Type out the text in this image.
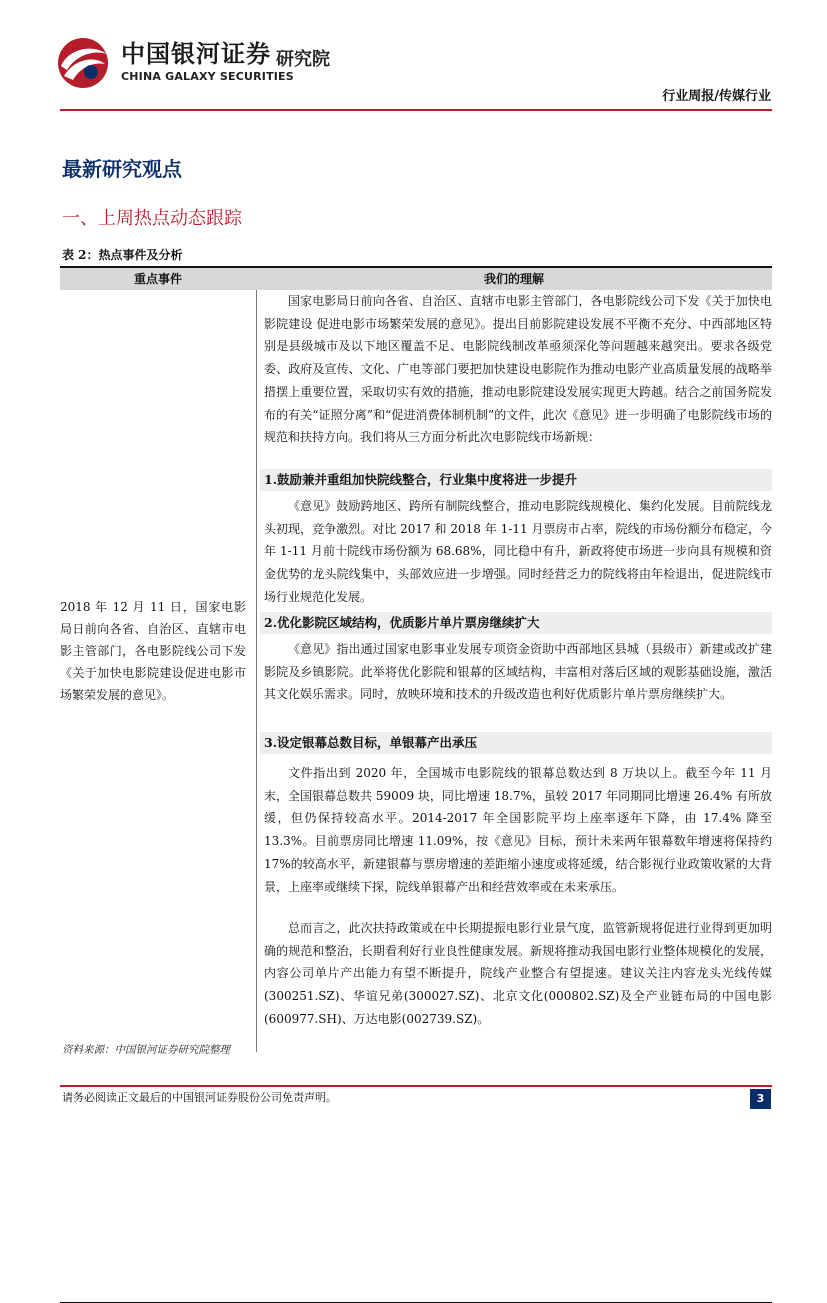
中国银河证券
CHINA GALAXY SECURITIES
研究院
行业周报/传媒行业
最新研究观点
一、上周热点动态跟踪
表 2：热点事件及分析
重点事件	我们的理解
2018 年 12 月 11 日，国家电影局日前向各省、自治区、直辖市电影主管部门，各电影院线公司下发《关于加快电影院建设促进电影市场繁荣发展的意见》。
国家电影局日前向各省、自治区、直辖市电影主管部门，各电影院线公司下发《关于加快电影院建设 促进电影市场繁荣发展的意见》。提出目前影院建设发展不平衡不充分、中西部地区特别是县级城市及以下地区覆盖不足、电影院线制改革亟须深化等问题越来越突出。要求各级党委、政府及宣传、文化、广电等部门要把加快建设电影院作为推动电影产业高质量发展的战略举措摆上重要位置，采取切实有效的措施，推动电影院建设发展实现更大跨越。结合之前国务院发布的有关“证照分离”和“促进消费体制机制”的文件，此次《意见》进一步明确了电影院线市场的规范和扶持方向。我们将从三方面分析此次电影院线市场新规：
1.鼓励兼并重组加快院线整合，行业集中度将进一步提升
《意见》鼓励跨地区、跨所有制院线整合，推动电影院线规模化、集约化发展。目前院线龙头初现，竞争激烈。对比 2017 和 2018 年 1-11 月票房市占率，院线的市场份额分布稳定，今年 1-11 月前十院线市场份额为 68.68%，同比稳中有升，新政将使市场进一步向具有规模和资金优势的龙头院线集中，头部效应进一步增强。同时经营乏力的院线将由年检退出，促进院线市场行业规范化发展。
2.优化影院区域结构，优质影片单片票房继续扩大
《意见》指出通过国家电影事业发展专项资金资助中西部地区县城（县级市）新建或改扩建影院及乡镇影院。此举将优化影院和银幕的区域结构，丰富相对落后区域的观影基础设施，激活其文化娱乐需求。同时，放映环境和技术的升级改造也利好优质影片单片票房继续扩大。
3.设定银幕总数目标，单银幕产出承压
文件指出到 2020 年，全国城市电影院线的银幕总数达到 8 万块以上。截至今年 11 月末，全国银幕总数共 59009 块，同比增速 18.7%，虽较 2017 年同期同比增速 26.4% 有所放缓，但仍保持较高水平。2014-2017 年全国影院平均上座率逐年下降，由 17.4% 降至 13.3%。目前票房同比增速 11.09%，按《意见》目标，预计未来两年银幕数年增速将保持约 17%的较高水平，新建银幕与票房增速的差距缩小速度或将延缓，结合影视行业政策收紧的大背景，上座率或继续下探，院线单银幕产出和经营效率或在未来承压。
总而言之，此次扶持政策或在中长期提振电影行业景气度，监管新规将促进行业得到更加明确的规范和整治，长期看利好行业良性健康发展。新规将推动我国电影行业整体规模化的发展，内容公司单片产出能力有望不断提升，院线产业整合有望提速。建议关注内容龙头光线传媒(300251.SZ)、华谊兄弟(300027.SZ)、北京文化(000802.SZ)及全产业链布局的中国电影(600977.SH)、万达电影(002739.SZ)。
资料来源：中国银河证券研究院整理
请务必阅读正文最后的中国银河证券股份公司免责声明。	3
